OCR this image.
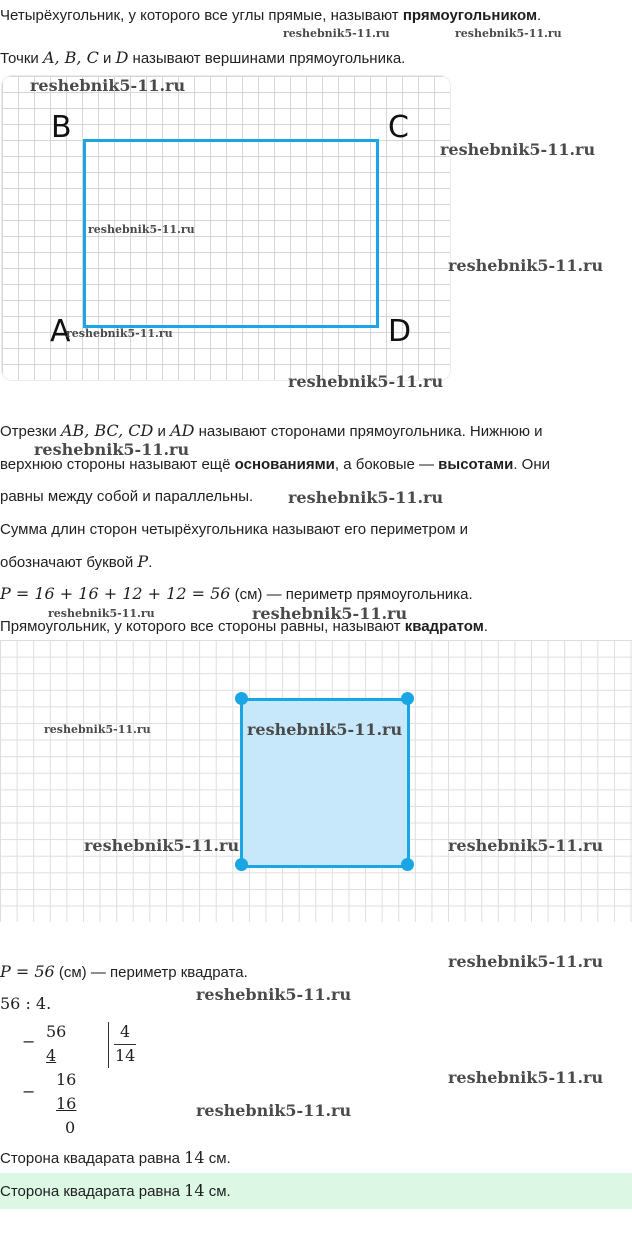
Четырёхугольник, у которого все углы прямые, называют прямоугольником.
Точки A, B, C и D называют вершинами прямоугольника.
B	C
A	D
Отрезки AB, BC, CD и AD называют сторонами прямоугольника. Нижнюю и
верхнюю стороны называют ещё основаниями, а боковые — высотами. Они
равны между собой и параллельны.
Сумма длин сторон четырёхугольника называют его периметром и
обозначают буквой P.
P = 16 + 16 + 12 + 12 = 56 (см) — периметр прямоугольника.
Прямоугольник, у которого все стороны равны, называют квадратом.
P = 56 (см) — периметр квадрата.
56 : 4.
−
56
4
4
14
−
16
16
0
Сторона квадарата равна 14 см.
Сторона квадарата равна 14 см.
reshebnik5-11.ru	reshebnik5-11.ru
reshebnik5-11.ru
reshebnik5-11.ru
reshebnik5-11.ru
reshebnik5-11.ru
reshebnik5-11.ru
reshebnik5-11.ru
reshebnik5-11.ru
reshebnik5-11.ru
reshebnik5-11.ru	reshebnik5-11.ru
reshebnik5-11.ru	reshebnik5-11.ru
reshebnik5-11.ru	reshebnik5-11.ru
reshebnik5-11.ru
reshebnik5-11.ru
reshebnik5-11.ru
reshebnik5-11.ru
